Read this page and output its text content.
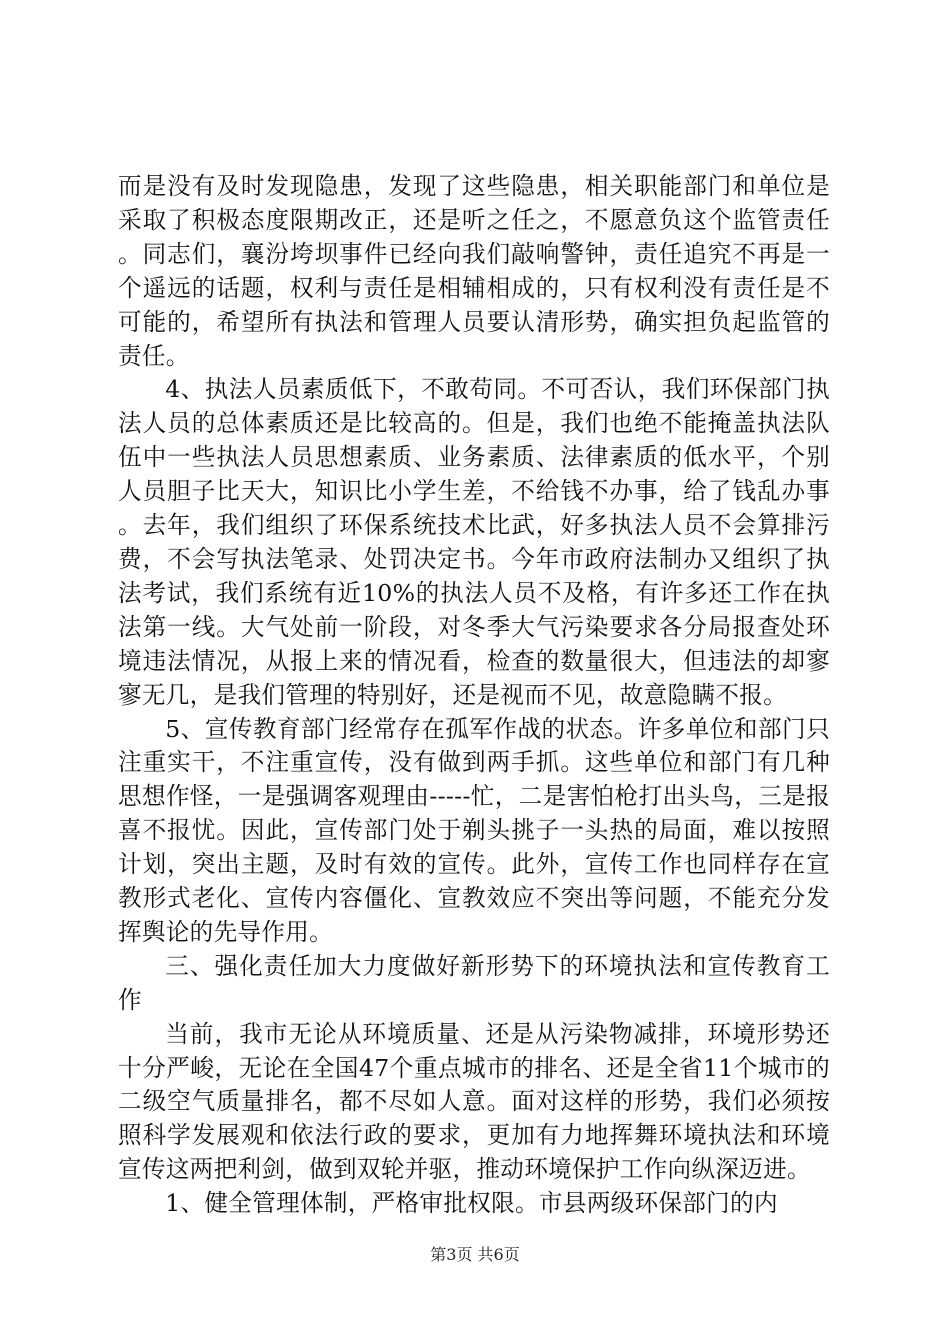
而是没有及时发现隐患，发现了这些隐患，相关职能部门和单位是采取了积极态度限期改正，还是听之任之，不愿意负这个监管责任。同志们，襄汾垮坝事件已经向我们敲响警钟，责任追究不再是一个遥远的话题，权利与责任是相辅相成的，只有权利没有责任是不可能的，希望所有执法和管理人员要认清形势，确实担负起监管的责任。

4、执法人员素质低下，不敢苟同。不可否认，我们环保部门执法人员的总体素质还是比较高的。但是，我们也绝不能掩盖执法队伍中一些执法人员思想素质、业务素质、法律素质的低水平，个别人员胆子比天大，知识比小学生差，不给钱不办事，给了钱乱办事。去年，我们组织了环保系统技术比武，好多执法人员不会算排污费，不会写执法笔录、处罚决定书。今年市政府法制办又组织了执法考试，我们系统有近10%的执法人员不及格，有许多还工作在执法第一线。大气处前一阶段，对冬季大气污染要求各分局报查处环境违法情况，从报上来的情况看，检查的数量很大，但违法的却寥寥无几，是我们管理的特别好，还是视而不见，故意隐瞒不报。

5、宣传教育部门经常存在孤军作战的状态。许多单位和部门只注重实干，不注重宣传，没有做到两手抓。这些单位和部门有几种思想作怪，一是强调客观理由-----忙，二是害怕枪打出头鸟，三是报喜不报忧。因此，宣传部门处于剃头挑子一头热的局面，难以按照计划，突出主题，及时有效的宣传。此外，宣传工作也同样存在宣教形式老化、宣传内容僵化、宣教效应不突出等问题，不能充分发挥舆论的先导作用。

三、强化责任加大力度做好新形势下的环境执法和宣传教育工作

当前，我市无论从环境质量、还是从污染物减排，环境形势还十分严峻，无论在全国47个重点城市的排名、还是全省11个城市的二级空气质量排名，都不尽如人意。面对这样的形势，我们必须按照科学发展观和依法行政的要求，更加有力地挥舞环境执法和环境宣传这两把利剑，做到双轮并驱，推动环境保护工作向纵深迈进。

1、健全管理体制，严格审批权限。市县两级环保部门的内

第3页 共6页
